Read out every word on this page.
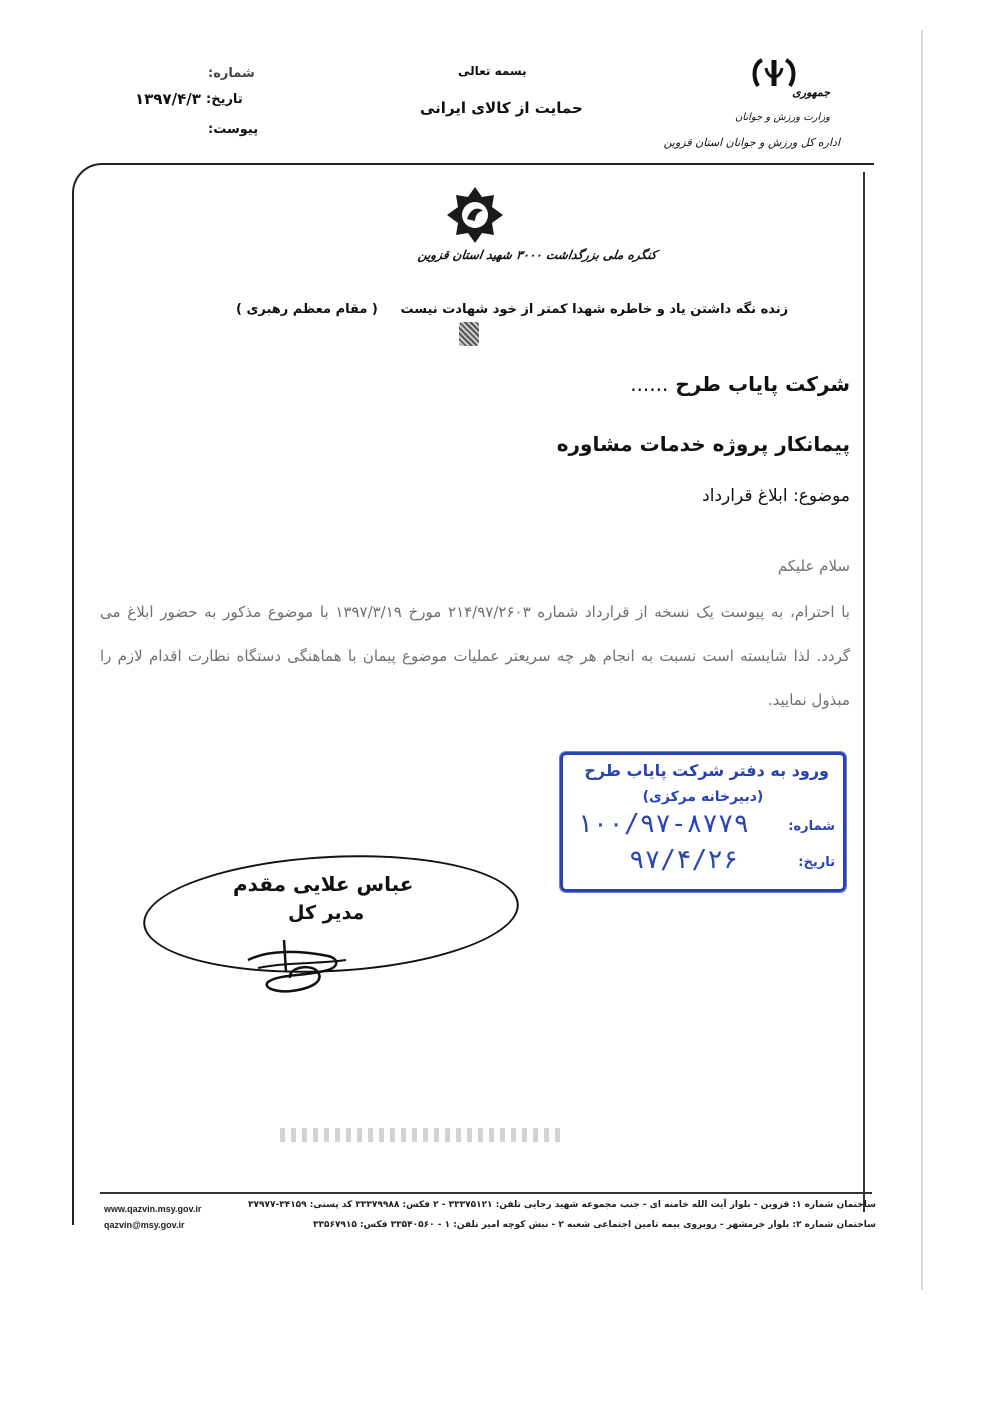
بسمه تعالی
حمایت از کالای ایرانی
شماره:
تاریخ:
۱۳۹۷/۴/۳
پیوست:
جمهوری
وزارت ورزش و جوانان
اداره کل ورزش و جوانان استان قزوین
کنگره ملی بزرگداشت ۳۰۰۰ شهید استان قزوین
زنده نگه داشتن یاد و خاطره شهدا کمتر از خود شهادت نیست     ( مقام معظم رهبری )
شرکت پایاب طرح ......
پیمانکار پروژه خدمات مشاوره
موضوع: ابلاغ قرارداد
سلام علیکم
با احترام، به پیوست یک نسخه از قرارداد شماره ۲۱۴/۹۷/۲۶۰۳ مورخ ۱۳۹۷/۳/۱۹ با موضوع مذکور به حضور ابلاغ می گردد. لذا شایسته است نسبت به انجام هر چه سریعتر عملیات موضوع پیمان با هماهنگی دستگاه نظارت اقدام لازم را مبذول نمایید.
ورود به دفتر شرکت پایاب طرح
(دبیرخانه مرکزی)
شماره:
۱۰۰/۹۷-۸۷۷۹
تاریخ:
۹۷/۴/۲۶
عباس علایی مقدم
مدیر کل
ساختمان شماره ۱: قزوین - بلوار آیت الله خامنه ای - جنب مجموعه شهید رجایی تلفن: ۳۳۳۷۵۱۲۱ - ۲ فکس: ۳۳۳۷۹۹۸۸ کد پستی: ۳۴۱۵۹-۳۷۹۷۷
ساختمان شماره ۲: بلوار خرمشهر - روبروی بیمه تامین اجتماعی شعبه ۲ - نبش کوچه امیر تلفن: ۱ - ۳۳۵۴۰۵۶۰ فکس: ۳۳۵۶۷۹۱۵
www.qazvin.msy.gov.ir
qazvin@msy.gov.ir
